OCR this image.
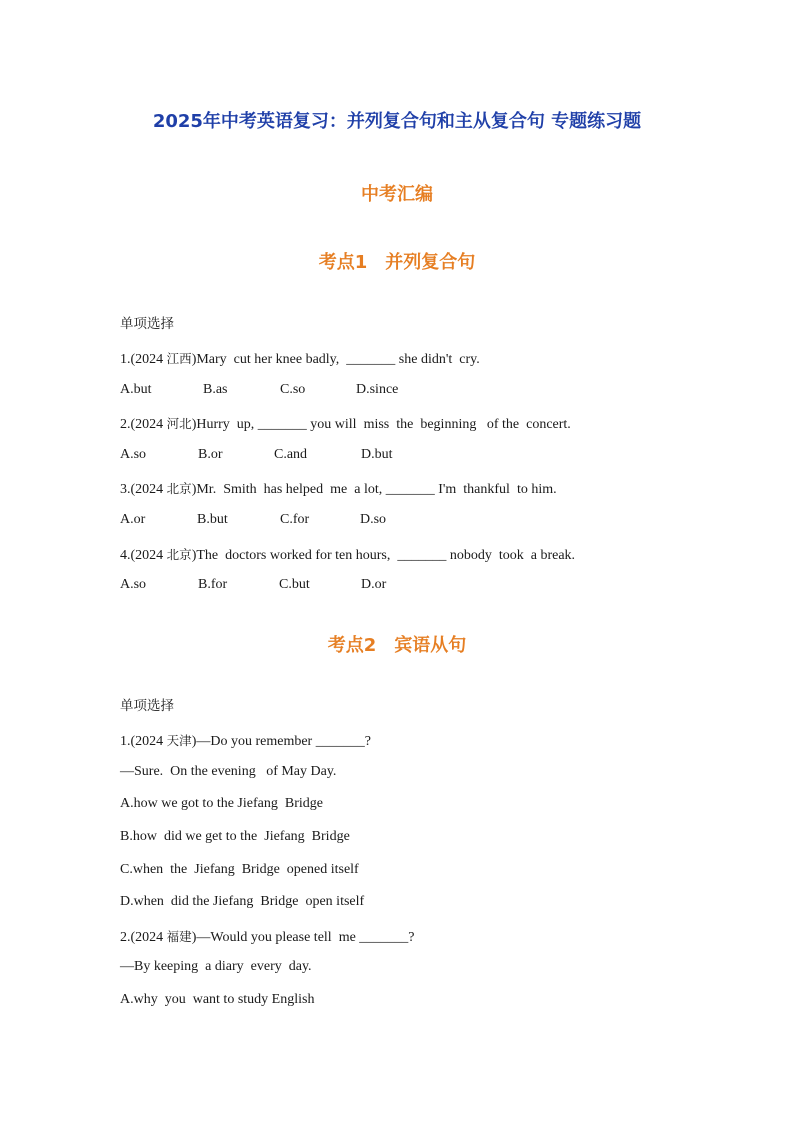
2025年中考英语复习：并列复合句和主从复合句 专题练习题
中考汇编
考点1　并列复合句
单项选择
1.(2024 江西)Mary  cut her knee badly,  _______ she didn't  cry.
A.but	B.as	C.so	D.since
2.(2024 河北)Hurry  up, _______ you will  miss  the  beginning   of the  concert.
A.so	B.or	C.and	D.but
3.(2024 北京)Mr.  Smith  has helped  me  a lot, _______ I'm  thankful  to him.
A.or	B.but	C.for	D.so
4.(2024 北京)The  doctors worked for ten hours,  _______ nobody  took  a break.
A.so	B.for	C.but	D.or
考点2　宾语从句
单项选择
1.(2024 天津)—Do you remember _______?
—Sure.  On the evening   of May Day.
A.how we got to the Jiefang  Bridge
B.how  did we get to the  Jiefang  Bridge
C.when  the  Jiefang  Bridge  opened itself
D.when  did the Jiefang  Bridge  open itself
2.(2024 福建)—Would you please tell  me _______?
—By keeping  a diary  every  day.
A.why  you  want to study English
